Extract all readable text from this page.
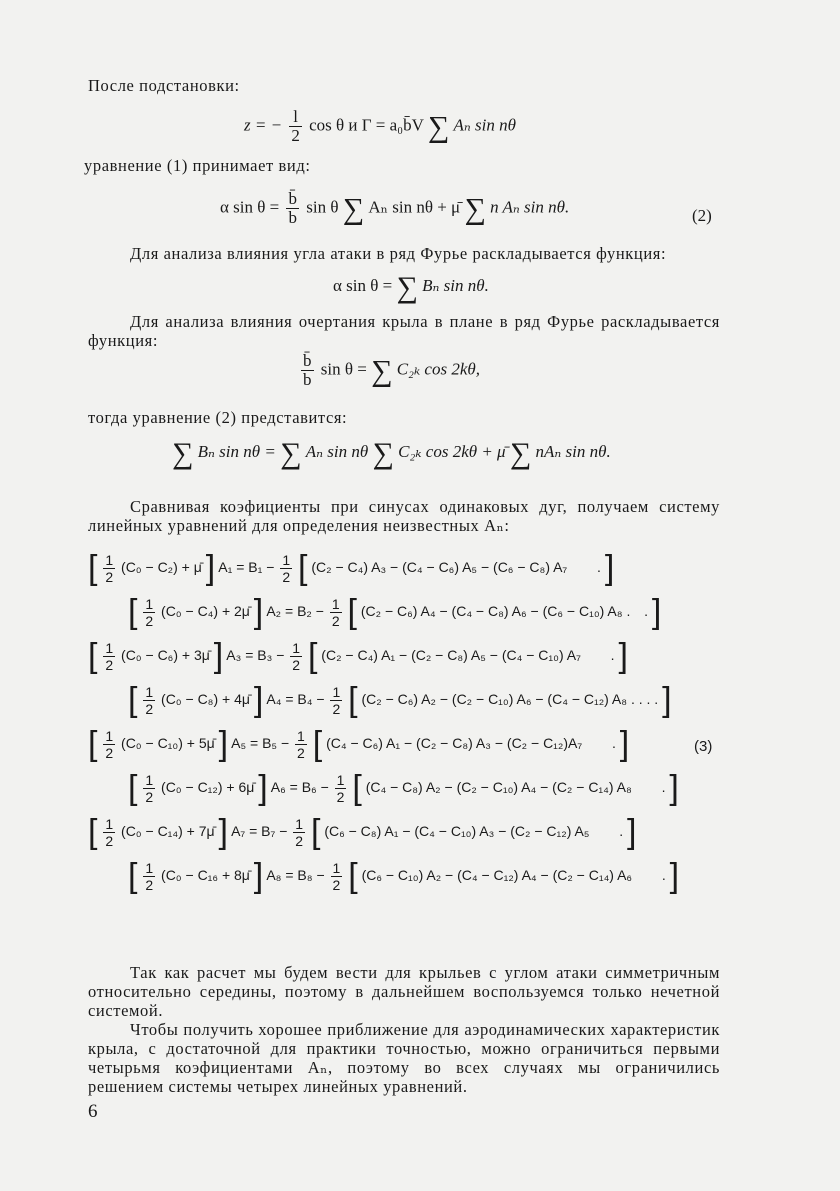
После подстановки:
z = − $\frac{l}{2}$ cos θ и Γ = a₀b̄V ∑ Aₙ sin nθ
уравнение (1) принимает вид:
α $\sin \theta = \frac{b̄}{b}$ sin θ ∑ Aₙ sin nθ + μ̄ ∑ n Aₙ sin nθ.	(2)
Для анализа влияния угла атаки в ряд Фурье раскладывается функция:
α sin θ = ∑ Bₙ sin nθ.
Для анализа влияния очертания крыла в плане в ряд Фурье раскладывается функция:
$\frac{b̄}{b}$ sin θ = ∑ C₂ₖ cos 2kθ,
тогда уравнение (2) представится:
∑ Bₙ sin nθ = ∑ Aₙ sin nθ ∑ C₂ₖ cos 2kθ + μ̄ ∑ nAₙ sin nθ.
Сравнивая коэфициенты при синусах одинаковых дуг, получаем систему линейных уравнений для определения неизвестных Aₙ:
[ $\frac{1}{2} (C_0 - C_2)$ + μ̄ ] $A_1 = B_1 - \frac{1}{2}$ [ (C₂ − C₄) A₃ − (C₄ − C₆) A₅ − (C₆ − C₈) A₇ . ]
[ $\frac{1}{2} (C_0 - C_4)$ + 2μ̄ ] $A_2 = B_2 - \frac{1}{2}$ [ (C₂ − C₆) A₄ − (C₄ − C₈) A₆ − (C₆ − C₁₀) A₈ . . ]
[ $\frac{1}{2} (C_0 - C_6)$ + 3μ̄ ] $A_3 = B_3 - \frac{1}{2}$ [ (C₂ − C₄) A₁ − (C₂ − C₈) A₅ − (C₄ − C₁₀) A₇ . ]
[ $\frac{1}{2} (C_0 - C_8)$ + 4μ̄ ] $A_4 = B_4 - \frac{1}{2}$ [ (C₂ − C₆) A₂ − (C₂ − C₁₀) A₆ − (C₄ − C₁₂) A₈ . . . . ]
[ $\frac{1}{2} (C_0 - C_{10})$ + 5μ̄ ] $A_5 = B_5 - \frac{1}{2}$ [ (C₄ − C₆) A₁ − (C₂ − C₈) A₃ − (C₂ − C₁₂)A₇ . ]	(3)
[ $\frac{1}{2} (C_0 - C_{12})$ + 6μ̄ ] $A_6 = B_6 - \frac{1}{2}$ [ (C₄ − C₈) A₂ − (C₂ − C₁₀) A₄ − (C₂ − C₁₄) A₈ . ]
[ $\frac{1}{2} (C_0 - C_{14})$ + 7μ̄ ] $A_7 = B_7 - \frac{1}{2}$ [ (C₆ − C₈) A₁ − (C₄ − C₁₀) A₃ − (C₂ − C₁₂) A₅ . ]
[ $\frac{1}{2} (C_0 - C_{16}$ + 8μ̄ ] $A_8 = B_8 - \frac{1}{2}$ [ (C₆ − C₁₀) A₂ − (C₄ − C₁₂) A₄ − (C₂ − C₁₄) A₆ . ]
Так как расчет мы будем вести для крыльев с углом атаки симметричным относительно середины, поэтому в дальнейшем воспользуемся только нечетной системой.
Чтобы получить хорошее приближение для аэродинамических характеристик крыла, с достаточной для практики точностью, можно ограничиться первыми четырьмя коэфициентами Aₙ, поэтому во всех случаях мы ограничились решением системы четырех линейных уравнений.
6
